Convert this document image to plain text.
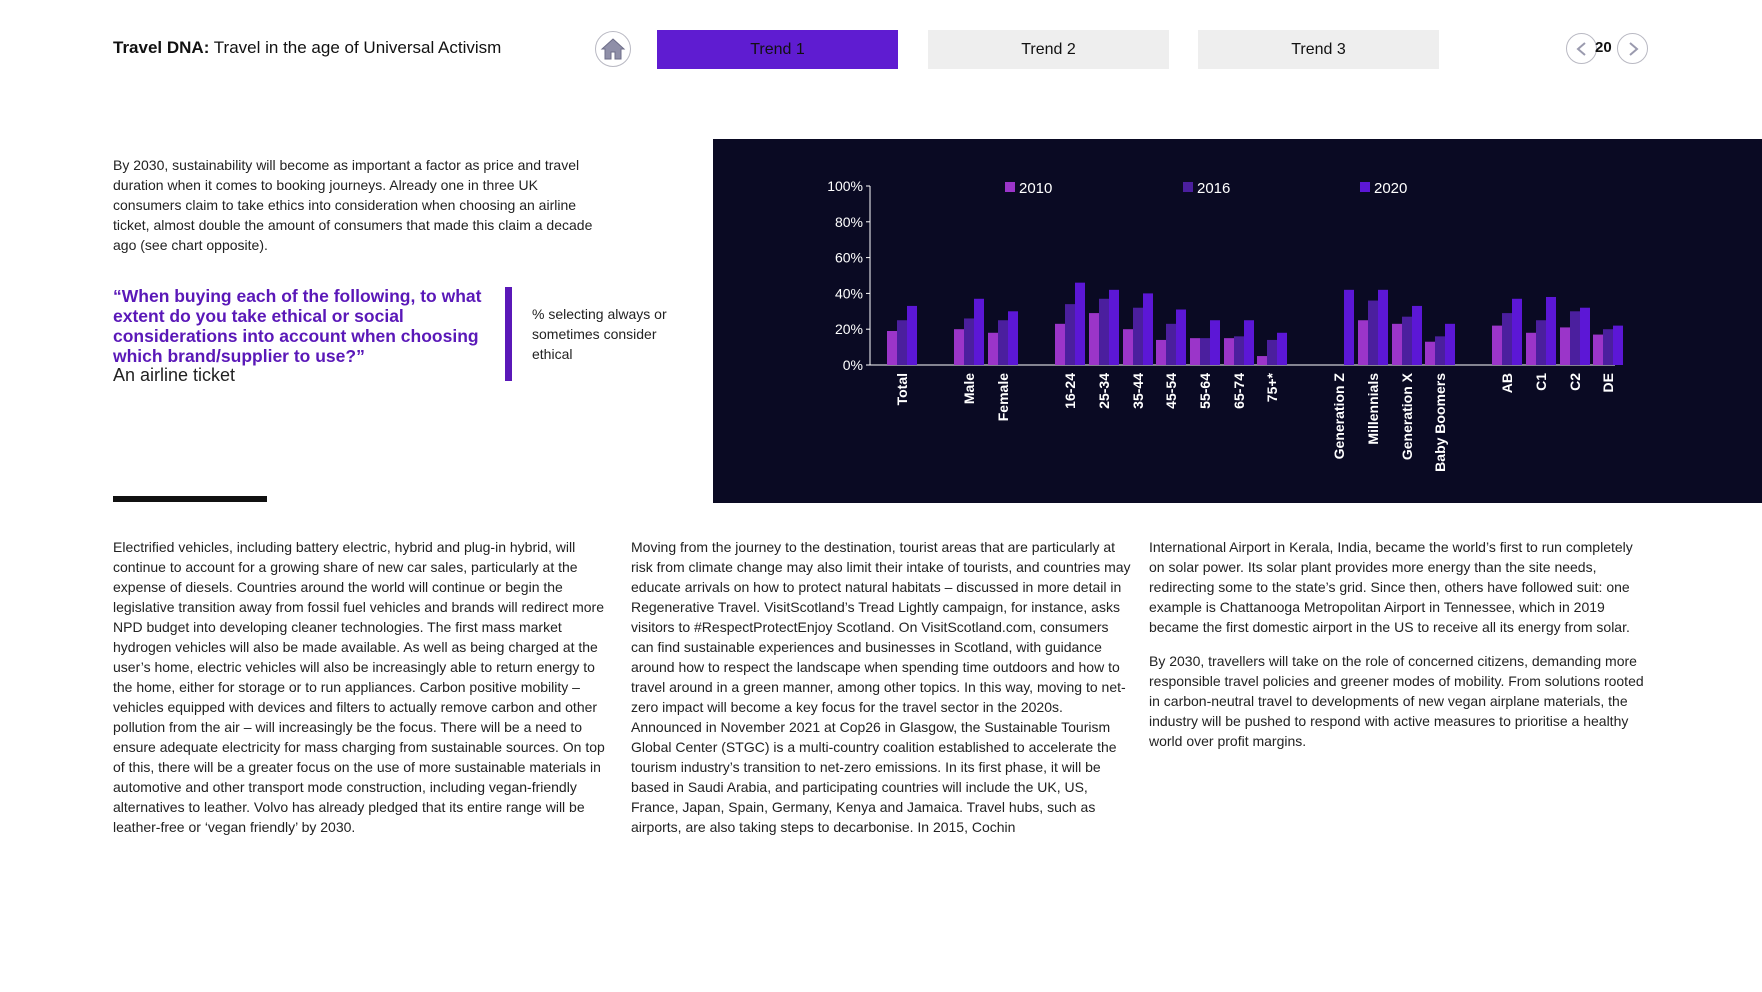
Travel DNA: Travel in the age of Universal Activism	Trend 1	Trend 2	Trend 3	20
By 2030, sustainability will become as important a factor as price and travel duration when it comes to booking journeys. Already one in three UK consumers claim to take ethics into consideration when choosing an airline ticket, almost double the amount of consumers that made this claim a decade ago (see chart opposite).
“When buying each of the following, to what extent do you take ethical or social considerations into account when choosing which brand/supplier to use?”
An airline ticket
% selecting always or sometimes consider ethical
0%
20%
40%
60%
80%
100%
Total	Male Female	16-24 25-34 35-44 45-54 55-64 65-74 75+*	Generation Z Millennials Generation X Baby Boomers	AB C1 C2 DE
2010	2016	2020

Electrified vehicles, including battery electric, hybrid and plug-in hybrid, will continue to account for a growing share of new car sales, particularly at the expense of diesels. Countries around the world will continue or begin the legislative transition away from fossil fuel vehicles and brands will redirect more NPD budget into developing cleaner technologies. The first mass market hydrogen vehicles will also be made available. As well as being charged at the user’s home, electric vehicles will also be increasingly able to return energy to the home, either for storage or to run appliances. Carbon positive mobility – vehicles equipped with devices and filters to actually remove carbon and other pollution from the air – will increasingly be the focus. There will be a need to ensure adequate electricity for mass charging from sustainable sources. On top of this, there will be a greater focus on the use of more sustainable materials in automotive and other transport mode construction, including vegan-friendly alternatives to leather. Volvo has already pledged that its entire range will be leather-free or ‘vegan friendly’ by 2030.

Moving from the journey to the destination, tourist areas that are particularly at risk from climate change may also limit their intake of tourists, and countries may educate arrivals on how to protect natural habitats – discussed in more detail in Regenerative Travel. VisitScotland’s Tread Lightly campaign, for instance, asks visitors to #RespectProtectEnjoy Scotland. On VisitScotland.com, consumers can find sustainable experiences and businesses in Scotland, with guidance around how to respect the landscape when spending time outdoors and how to travel around in a green manner, among other topics. In this way, moving to net-zero impact will become a key focus for the travel sector in the 2020s. Announced in November 2021 at Cop26 in Glasgow, the Sustainable Tourism Global Center (STGC) is a multi-country coalition established to accelerate the tourism industry’s transition to net-zero emissions. In its first phase, it will be based in Saudi Arabia, and participating countries will include the UK, US, France, Japan, Spain, Germany, Kenya and Jamaica. Travel hubs, such as airports, are also taking steps to decarbonise. In 2015, Cochin

International Airport in Kerala, India, became the world’s first to run completely on solar power. Its solar plant provides more energy than the site needs, redirecting some to the state’s grid. Since then, others have followed suit: one example is Chattanooga Metropolitan Airport in Tennessee, which in 2019 became the first domestic airport in the US to receive all its energy from solar.

By 2030, travellers will take on the role of concerned citizens, demanding more responsible travel policies and greener modes of mobility. From solutions rooted in carbon-neutral travel to developments of new vegan airplane materials, the industry will be pushed to respond with active measures to prioritise a healthy world over profit margins.
